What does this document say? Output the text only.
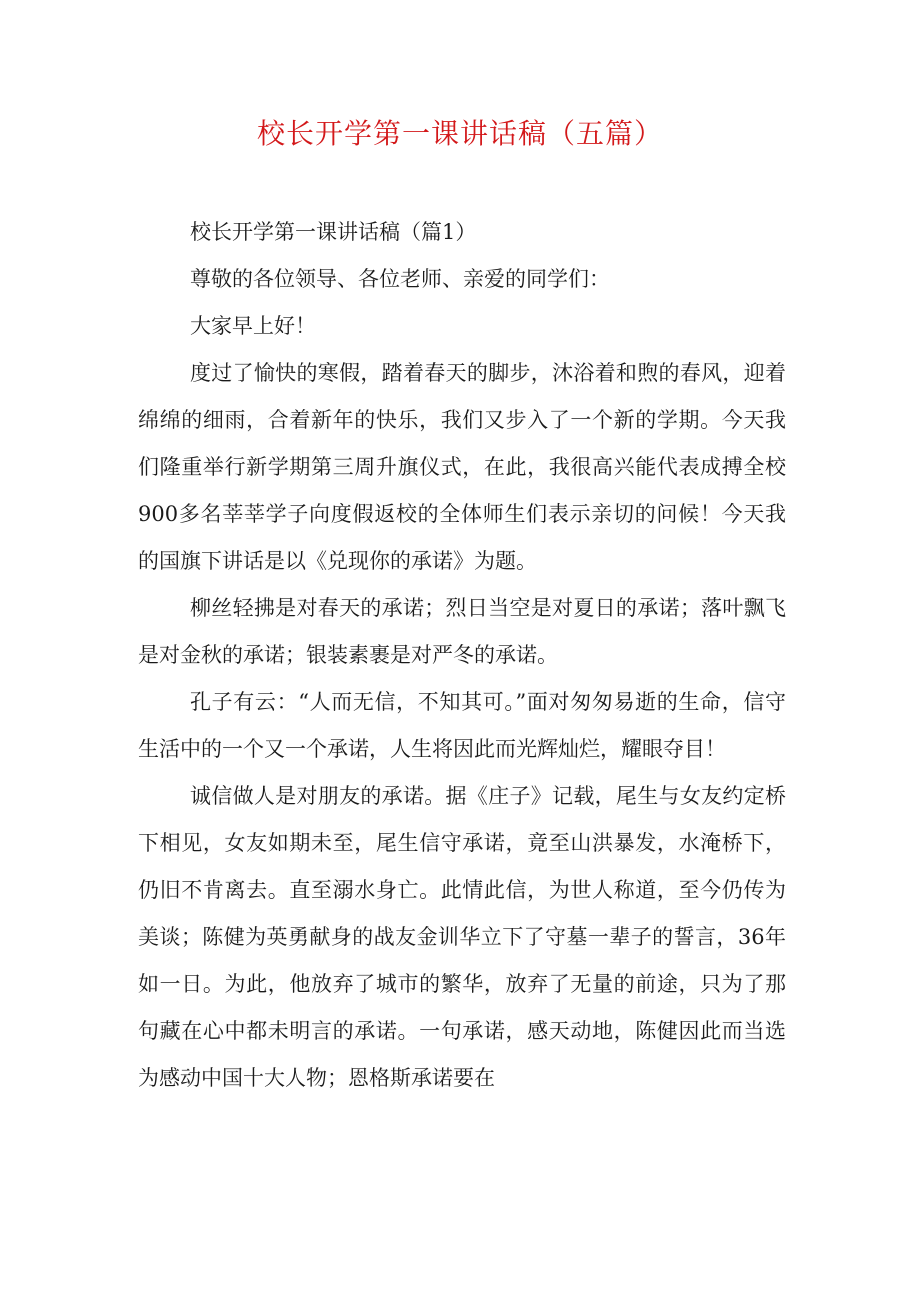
校长开学第一课讲话稿（五篇）

校长开学第一课讲话稿（篇1）

尊敬的各位领导、各位老师、亲爱的同学们：

大家早上好！

度过了愉快的寒假，踏着春天的脚步，沐浴着和煦的春风，迎着绵绵的细雨，合着新年的快乐，我们又步入了一个新的学期。今天我们隆重举行新学期第三周升旗仪式，在此，我很高兴能代表成搏全校900多名莘莘学子向度假返校的全体师生们表示亲切的问候！今天我的国旗下讲话是以《兑现你的承诺》为题。

柳丝轻拂是对春天的承诺；烈日当空是对夏日的承诺；落叶飘飞是对金秋的承诺；银装素裹是对严冬的承诺。

孔子有云：“人而无信，不知其可。”面对匆匆易逝的生命，信守生活中的一个又一个承诺，人生将因此而光辉灿烂，耀眼夺目！

诚信做人是对朋友的承诺。据《庄子》记载，尾生与女友约定桥下相见，女友如期未至，尾生信守承诺，竟至山洪暴发，水淹桥下，仍旧不肯离去。直至溺水身亡。此情此信，为世人称道，至今仍传为美谈；陈健为英勇献身的战友金训华立下了守墓一辈子的誓言，36年如一日。为此，他放弃了城市的繁华，放弃了无量的前途，只为了那句藏在心中都未明言的承诺。一句承诺，感天动地，陈健因此而当选为感动中国十大人物；恩格斯承诺要在
